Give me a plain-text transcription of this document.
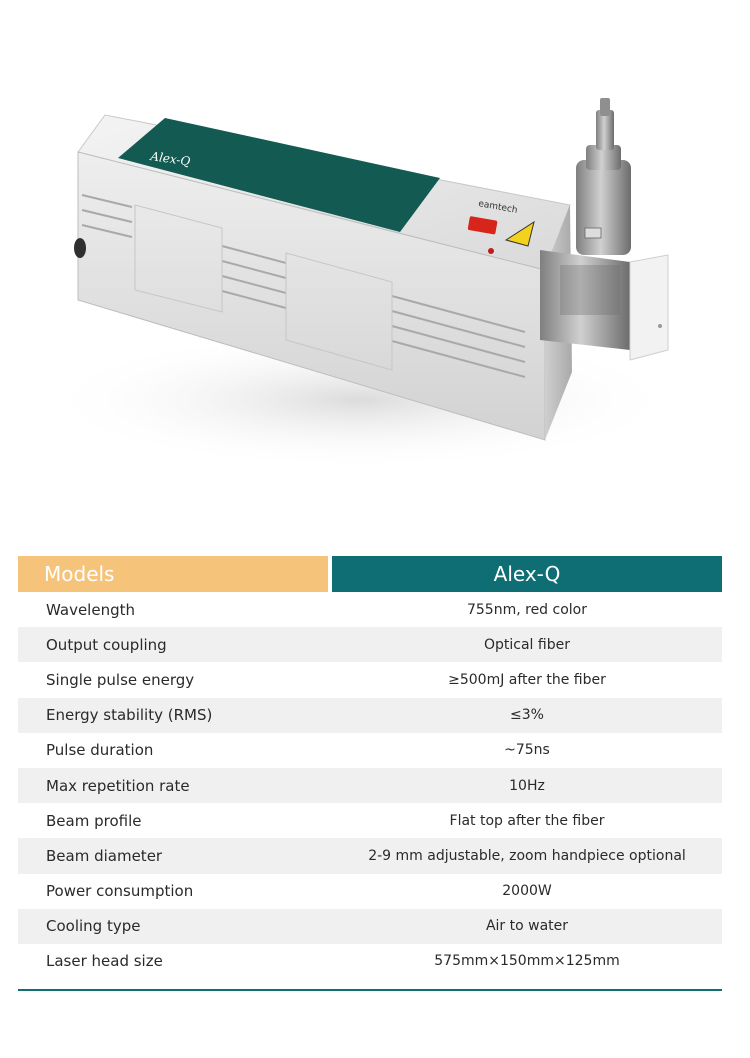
Alex-Q
eamtech
Models	Alex-Q
Wavelength	755nm, red color
Output coupling	Optical fiber
Single pulse energy	≥500mJ after the fiber
Energy stability (RMS)	≤3%
Pulse duration	~75ns
Max repetition rate	10Hz
Beam profile	Flat top after the fiber
Beam diameter	2-9 mm adjustable, zoom handpiece optional
Power consumption	2000W
Cooling type	Air to water
Laser head size	575mm×150mm×125mm
